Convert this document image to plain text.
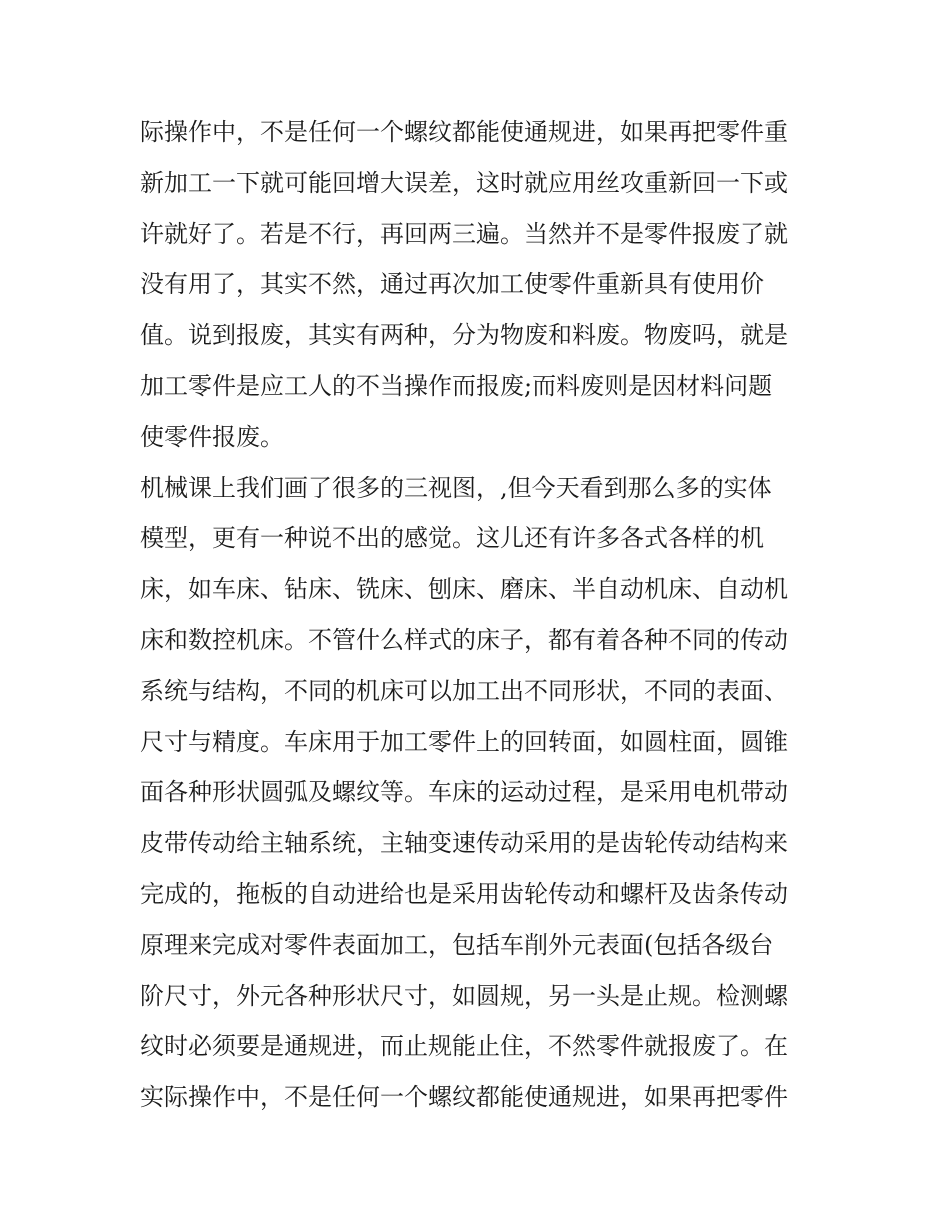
际操作中，不是任何一个螺纹都能使通规进，如果再把零件重
新加工一下就可能回增大误差，这时就应用丝攻重新回一下或
许就好了。若是不行，再回两三遍。当然并不是零件报废了就
没有用了，其实不然，通过再次加工使零件重新具有使用价
值。说到报废，其实有两种，分为物废和料废。物废吗，就是
加工零件是应工人的不当操作而报废;而料废则是因材料问题
使零件报废。
机械课上我们画了很多的三视图，,但今天看到那么多的实体
模型，更有一种说不出的感觉。这儿还有许多各式各样的机
床，如车床、钻床、铣床、刨床、磨床、半自动机床、自动机
床和数控机床。不管什么样式的床子，都有着各种不同的传动
系统与结构，不同的机床可以加工出不同形状，不同的表面、
尺寸与精度。车床用于加工零件上的回转面，如圆柱面，圆锥
面各种形状圆弧及螺纹等。车床的运动过程，是采用电机带动
皮带传动给主轴系统，主轴变速传动采用的是齿轮传动结构来
完成的，拖板的自动进给也是采用齿轮传动和螺杆及齿条传动
原理来完成对零件表面加工，包括车削外元表面(包括各级台
阶尺寸，外元各种形状尺寸，如圆规，另一头是止规。检测螺
纹时必须要是通规进，而止规能止住，不然零件就报废了。在
实际操作中，不是任何一个螺纹都能使通规进，如果再把零件
